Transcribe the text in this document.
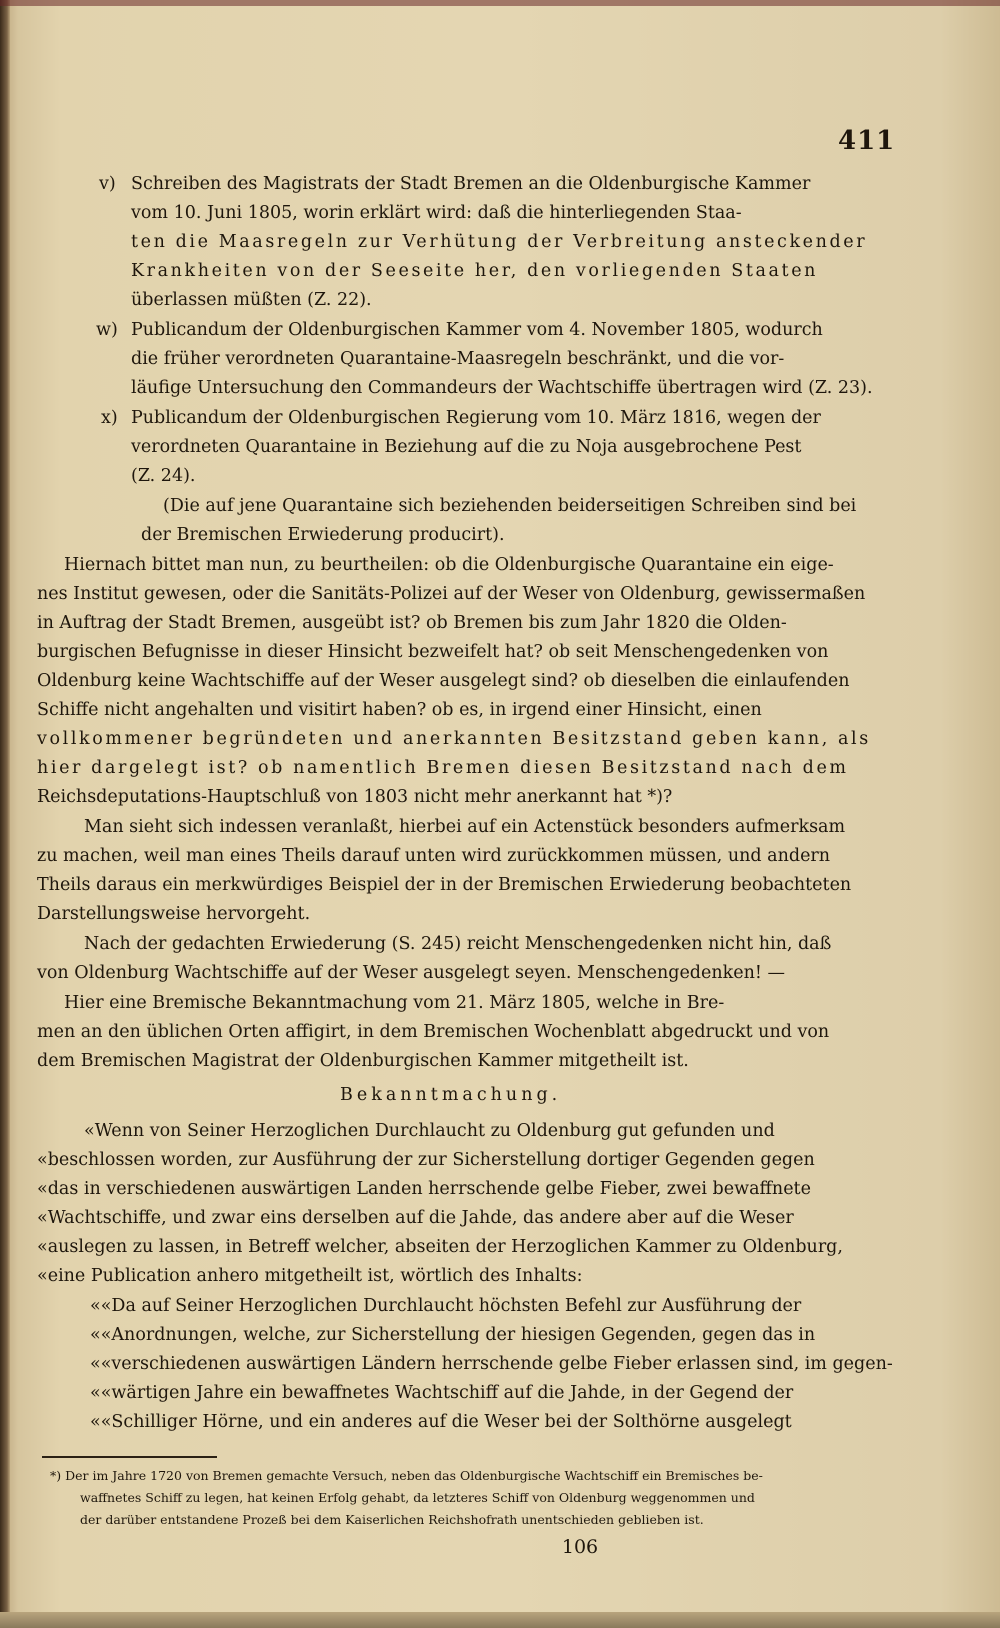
411
v) Schreiben des Magistrats der Stadt Bremen an die Oldenburgische Kammer
vom 10. Juni 1805, worin erklärt wird: daß die hinterliegenden Staa-
ten die Maasregeln zur Verhütung der Verbreitung ansteckender
Krankheiten von der Seeseite her, den vorliegenden Staaten
überlassen müßten (Z. 22).
w) Publicandum der Oldenburgischen Kammer vom 4. November 1805, wodurch
die früher verordneten Quarantaine-Maasregeln beschränkt, und die vor-
läufige Untersuchung den Commandeurs der Wachtschiffe übertragen wird (Z. 23).
x) Publicandum der Oldenburgischen Regierung vom 10. März 1816, wegen der
verordneten Quarantaine in Beziehung auf die zu Noja ausgebrochene Pest
(Z. 24).
(Die auf jene Quarantaine sich beziehenden beiderseitigen Schreiben sind bei
der Bremischen Erwiederung producirt).
Hiernach bittet man nun, zu beurtheilen: ob die Oldenburgische Quarantaine ein eige-
nes Institut gewesen, oder die Sanitäts-Polizei auf der Weser von Oldenburg, gewissermaßen
in Auftrag der Stadt Bremen, ausgeübt ist? ob Bremen bis zum Jahr 1820 die Olden-
burgischen Befugnisse in dieser Hinsicht bezweifelt hat? ob seit Menschengedenken von
Oldenburg keine Wachtschiffe auf der Weser ausgelegt sind? ob dieselben die einlaufenden
Schiffe nicht angehalten und visitirt haben? ob es, in irgend einer Hinsicht, einen
vollkommener begründeten und anerkannten Besitzstand geben kann, als
hier dargelegt ist? ob namentlich Bremen diesen Besitzstand nach dem
Reichsdeputations-Hauptschluß von 1803 nicht mehr anerkannt hat *)?
Man sieht sich indessen veranlaßt, hierbei auf ein Actenstück besonders aufmerksam
zu machen, weil man eines Theils darauf unten wird zurückkommen müssen, und andern
Theils daraus ein merkwürdiges Beispiel der in der Bremischen Erwiederung beobachteten
Darstellungsweise hervorgeht.
Nach der gedachten Erwiederung (S. 245) reicht Menschengedenken nicht hin, daß
von Oldenburg Wachtschiffe auf der Weser ausgelegt seyen. Menschengedenken! —
Hier eine Bremische Bekanntmachung vom 21. März 1805, welche in Bre-
men an den üblichen Orten affigirt, in dem Bremischen Wochenblatt abgedruckt und von
dem Bremischen Magistrat der Oldenburgischen Kammer mitgetheilt ist.
Bekanntmachung.
«Wenn von Seiner Herzoglichen Durchlaucht zu Oldenburg gut gefunden und
«beschlossen worden, zur Ausführung der zur Sicherstellung dortiger Gegenden gegen
«das in verschiedenen auswärtigen Landen herrschende gelbe Fieber, zwei bewaffnete
«Wachtschiffe, und zwar eins derselben auf die Jahde, das andere aber auf die Weser
«auslegen zu lassen, in Betreff welcher, abseiten der Herzoglichen Kammer zu Oldenburg,
«eine Publication anhero mitgetheilt ist, wörtlich des Inhalts:
««Da auf Seiner Herzoglichen Durchlaucht höchsten Befehl zur Ausführung der
««Anordnungen, welche, zur Sicherstellung der hiesigen Gegenden, gegen das in
««verschiedenen auswärtigen Ländern herrschende gelbe Fieber erlassen sind, im gegen-
««wärtigen Jahre ein bewaffnetes Wachtschiff auf die Jahde, in der Gegend der
««Schilliger Hörne, und ein anderes auf die Weser bei der Solthörne ausgelegt
*) Der im Jahre 1720 von Bremen gemachte Versuch, neben das Oldenburgische Wachtschiff ein Bremisches be-
waffnetes Schiff zu legen, hat keinen Erfolg gehabt, da letzteres Schiff von Oldenburg weggenommen und
der darüber entstandene Prozeß bei dem Kaiserlichen Reichshofrath unentschieden geblieben ist.
106
